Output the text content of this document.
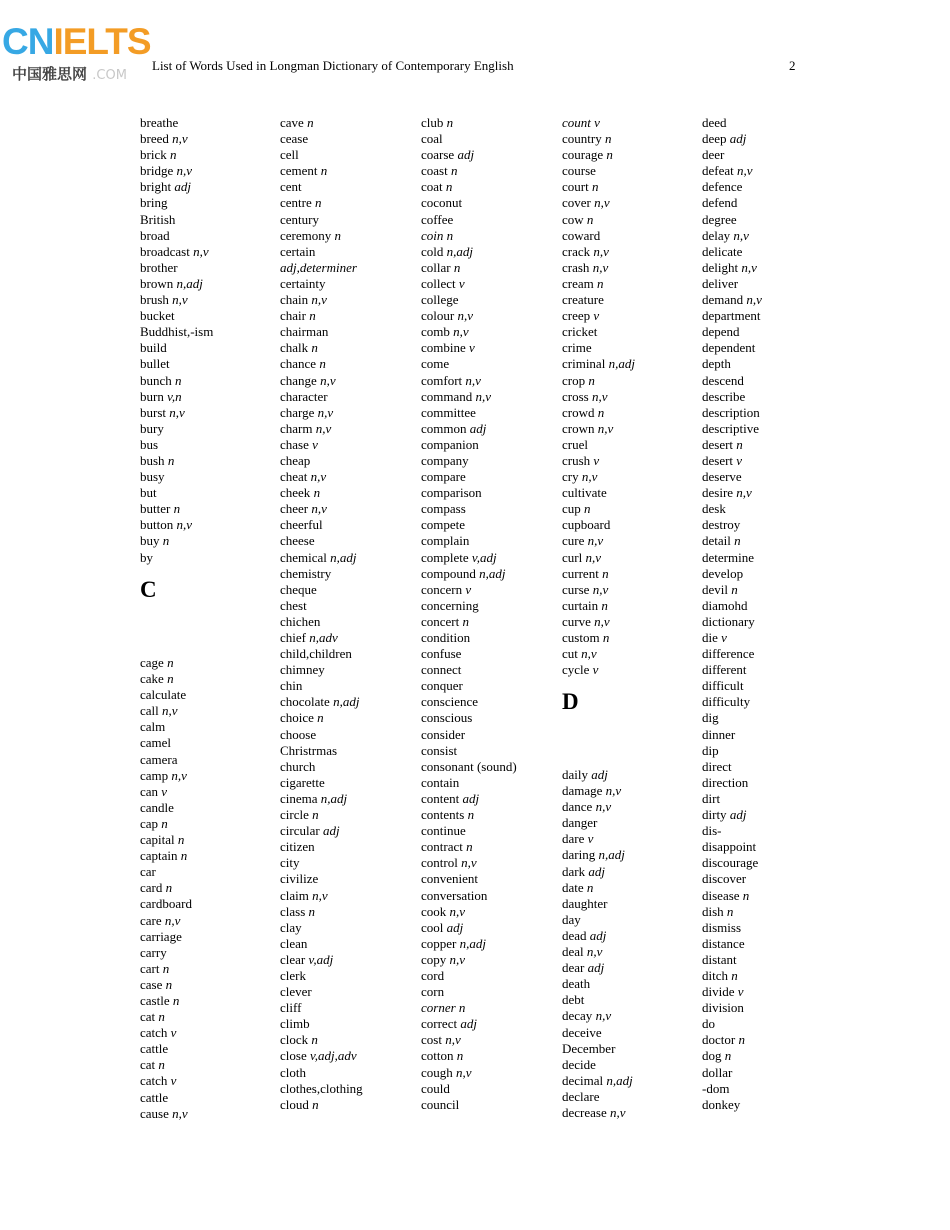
CNIELTS
中国雅思网 .COM
List of Words Used in Longman Dictionary of Contemporary English	2
breathe
breed n,v
brick n
bridge n,v
bright adj
bring
British
broad
broadcast n,v
brother
brown n,adj
brush n,v
bucket
Buddhist,-ism
build
bullet
bunch n
burn v,n
burst n,v
bury
bus
bush n
busy
but
butter n
button n,v
buy n
by
C
cage n
cake n
calculate
call n,v
calm
camel
camera
camp n,v
can v
candle
cap n
capital n
captain n
car
card n
cardboard
care n,v
carriage
carry
cart n
case n
castle n
cat n
catch v
cattle
cat n
catch v
cattle
cause n,v
cave n
cease
cell
cement n
cent
centre n
century
ceremony n
certain
adj,determiner
certainty
chain n,v
chair n
chairman
chalk n
chance n
change n,v
character
charge n,v
charm n,v
chase v
cheap
cheat n,v
cheek n
cheer n,v
cheerful
cheese
chemical n,adj
chemistry
cheque
chest
chichen
chief n,adv
child,children
chimney
chin
chocolate n,adj
choice n
choose
Christrmas
church
cigarette
cinema n,adj
circle n
circular adj
citizen
city
civilize
claim n,v
class n
clay
clean
clear v,adj
clerk
clever
cliff
climb
clock n
close v,adj,adv
cloth
clothes,clothing
cloud n
club n
coal
coarse adj
coast n
coat n
coconut
coffee
coin n
cold n,adj
collar n
collect v
college
colour n,v
comb n,v
combine v
come
comfort n,v
command n,v
committee
common adj
companion
company
compare
comparison
compass
compete
complain
complete v,adj
compound n,adj
concern v
concerning
concert n
condition
confuse
connect
conquer
conscience
conscious
consider
consist
consonant (sound)
contain
content adj
contents n
continue
contract n
control n,v
convenient
conversation
cook n,v
cool adj
copper n,adj
copy n,v
cord
corn
corner n
correct adj
cost n,v
cotton n
cough n,v
could
council
count v
country n
courage n
course
court n
cover n,v
cow n
coward
crack n,v
crash n,v
cream n
creature
creep v
cricket
crime
criminal n,adj
crop n
cross n,v
crowd n
crown n,v
cruel
crush v
cry n,v
cultivate
cup n
cupboard
cure n,v
curl n,v
current n
curse n,v
curtain n
curve n,v
custom n
cut n,v
cycle v
D
daily adj
damage n,v
dance n,v
danger
dare v
daring n,adj
dark adj
date n
daughter
day
dead adj
deal n,v
dear adj
death
debt
decay n,v
deceive
December
decide
decimal n,adj
declare
decrease n,v
deed
deep adj
deer
defeat n,v
defence
defend
degree
delay n,v
delicate
delight n,v
deliver
demand n,v
department
depend
dependent
depth
descend
describe
description
descriptive
desert n
desert v
deserve
desire n,v
desk
destroy
detail n
determine
develop
devil n
diamohd
dictionary
die v
difference
different
difficult
difficulty
dig
dinner
dip
direct
direction
dirt
dirty adj
dis-
disappoint
discourage
discover
disease n
dish n
dismiss
distance
distant
ditch n
divide v
division
do
doctor n
dog n
dollar
-dom
donkey
